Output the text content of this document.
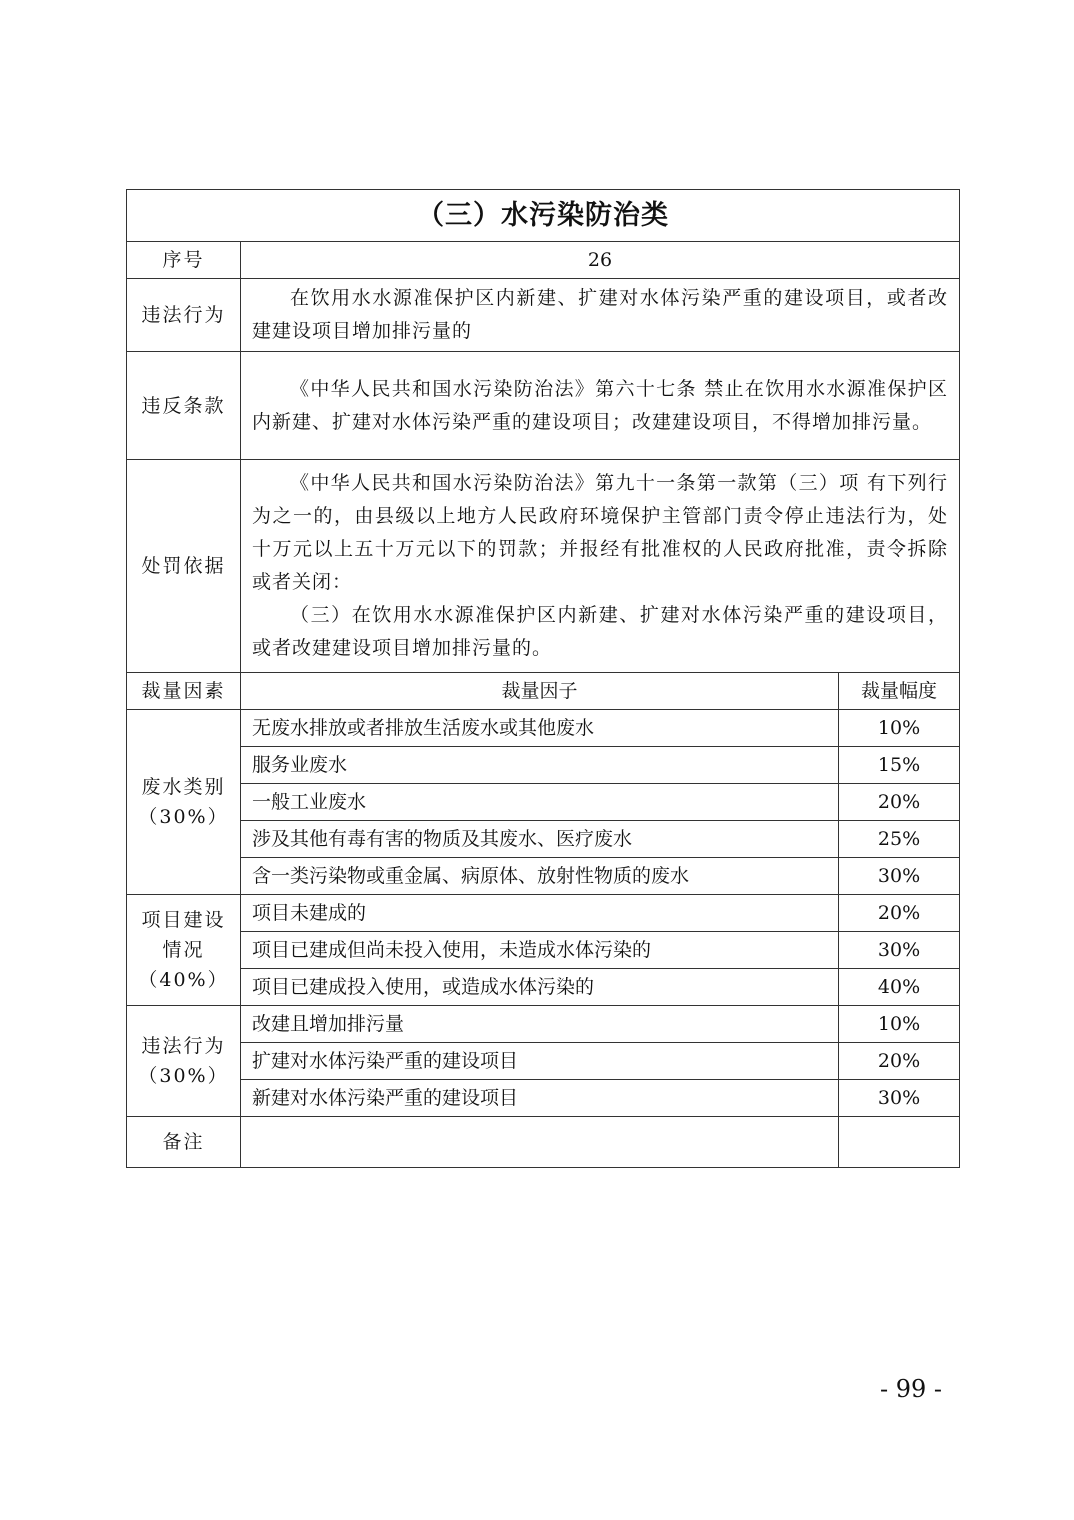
（三）水污染防治类		
序号	26	
违法行为	在饮用水水源准保护区内新建、扩建对水体污染严重的建设项目，或者改建建设项目增加排污量的	

违反条款	《中华人民共和国水污染防治法》第六十七条 禁止在饮用水水源准保护区内新建、扩建对水体污染严重的建设项目；改建建设项目，不得增加排污量。	

处罚依据	《中华人民共和国水污染防治法》第九十一条第一款第（三）项 有下列行为之一的，由县级以上地方人民政府环境保护主管部门责令停止违法行为，处十万元以上五十万元以下的罚款；并报经有批准权的人民政府批准，责令拆除或者关闭：

（三）在饮用水水源准保护区内新建、扩建对水体污染严重的建设项目，或者改建建设项目增加排污量的。	

裁量因素	裁量因子	裁量幅度
废水类别（30%）	无废水排放或者排放生活废水或其他废水	10%
	服务业废水	15%
	一般工业废水	20%
	涉及其他有毒有害的物质及其废水、医疗废水	25%
	含一类污染物或重金属、病原体、放射性物质的废水	30%
项目建设情况（40%）	项目未建成的	20%
	项目已建成但尚未投入使用，未造成水体污染的	30%
	项目已建成投入使用，或造成水体污染的	40%
违法行为（30%）	改建且增加排污量	10%
	扩建对水体污染严重的建设项目	20%
	新建对水体污染严重的建设项目	30%
备注		
- 99 -
